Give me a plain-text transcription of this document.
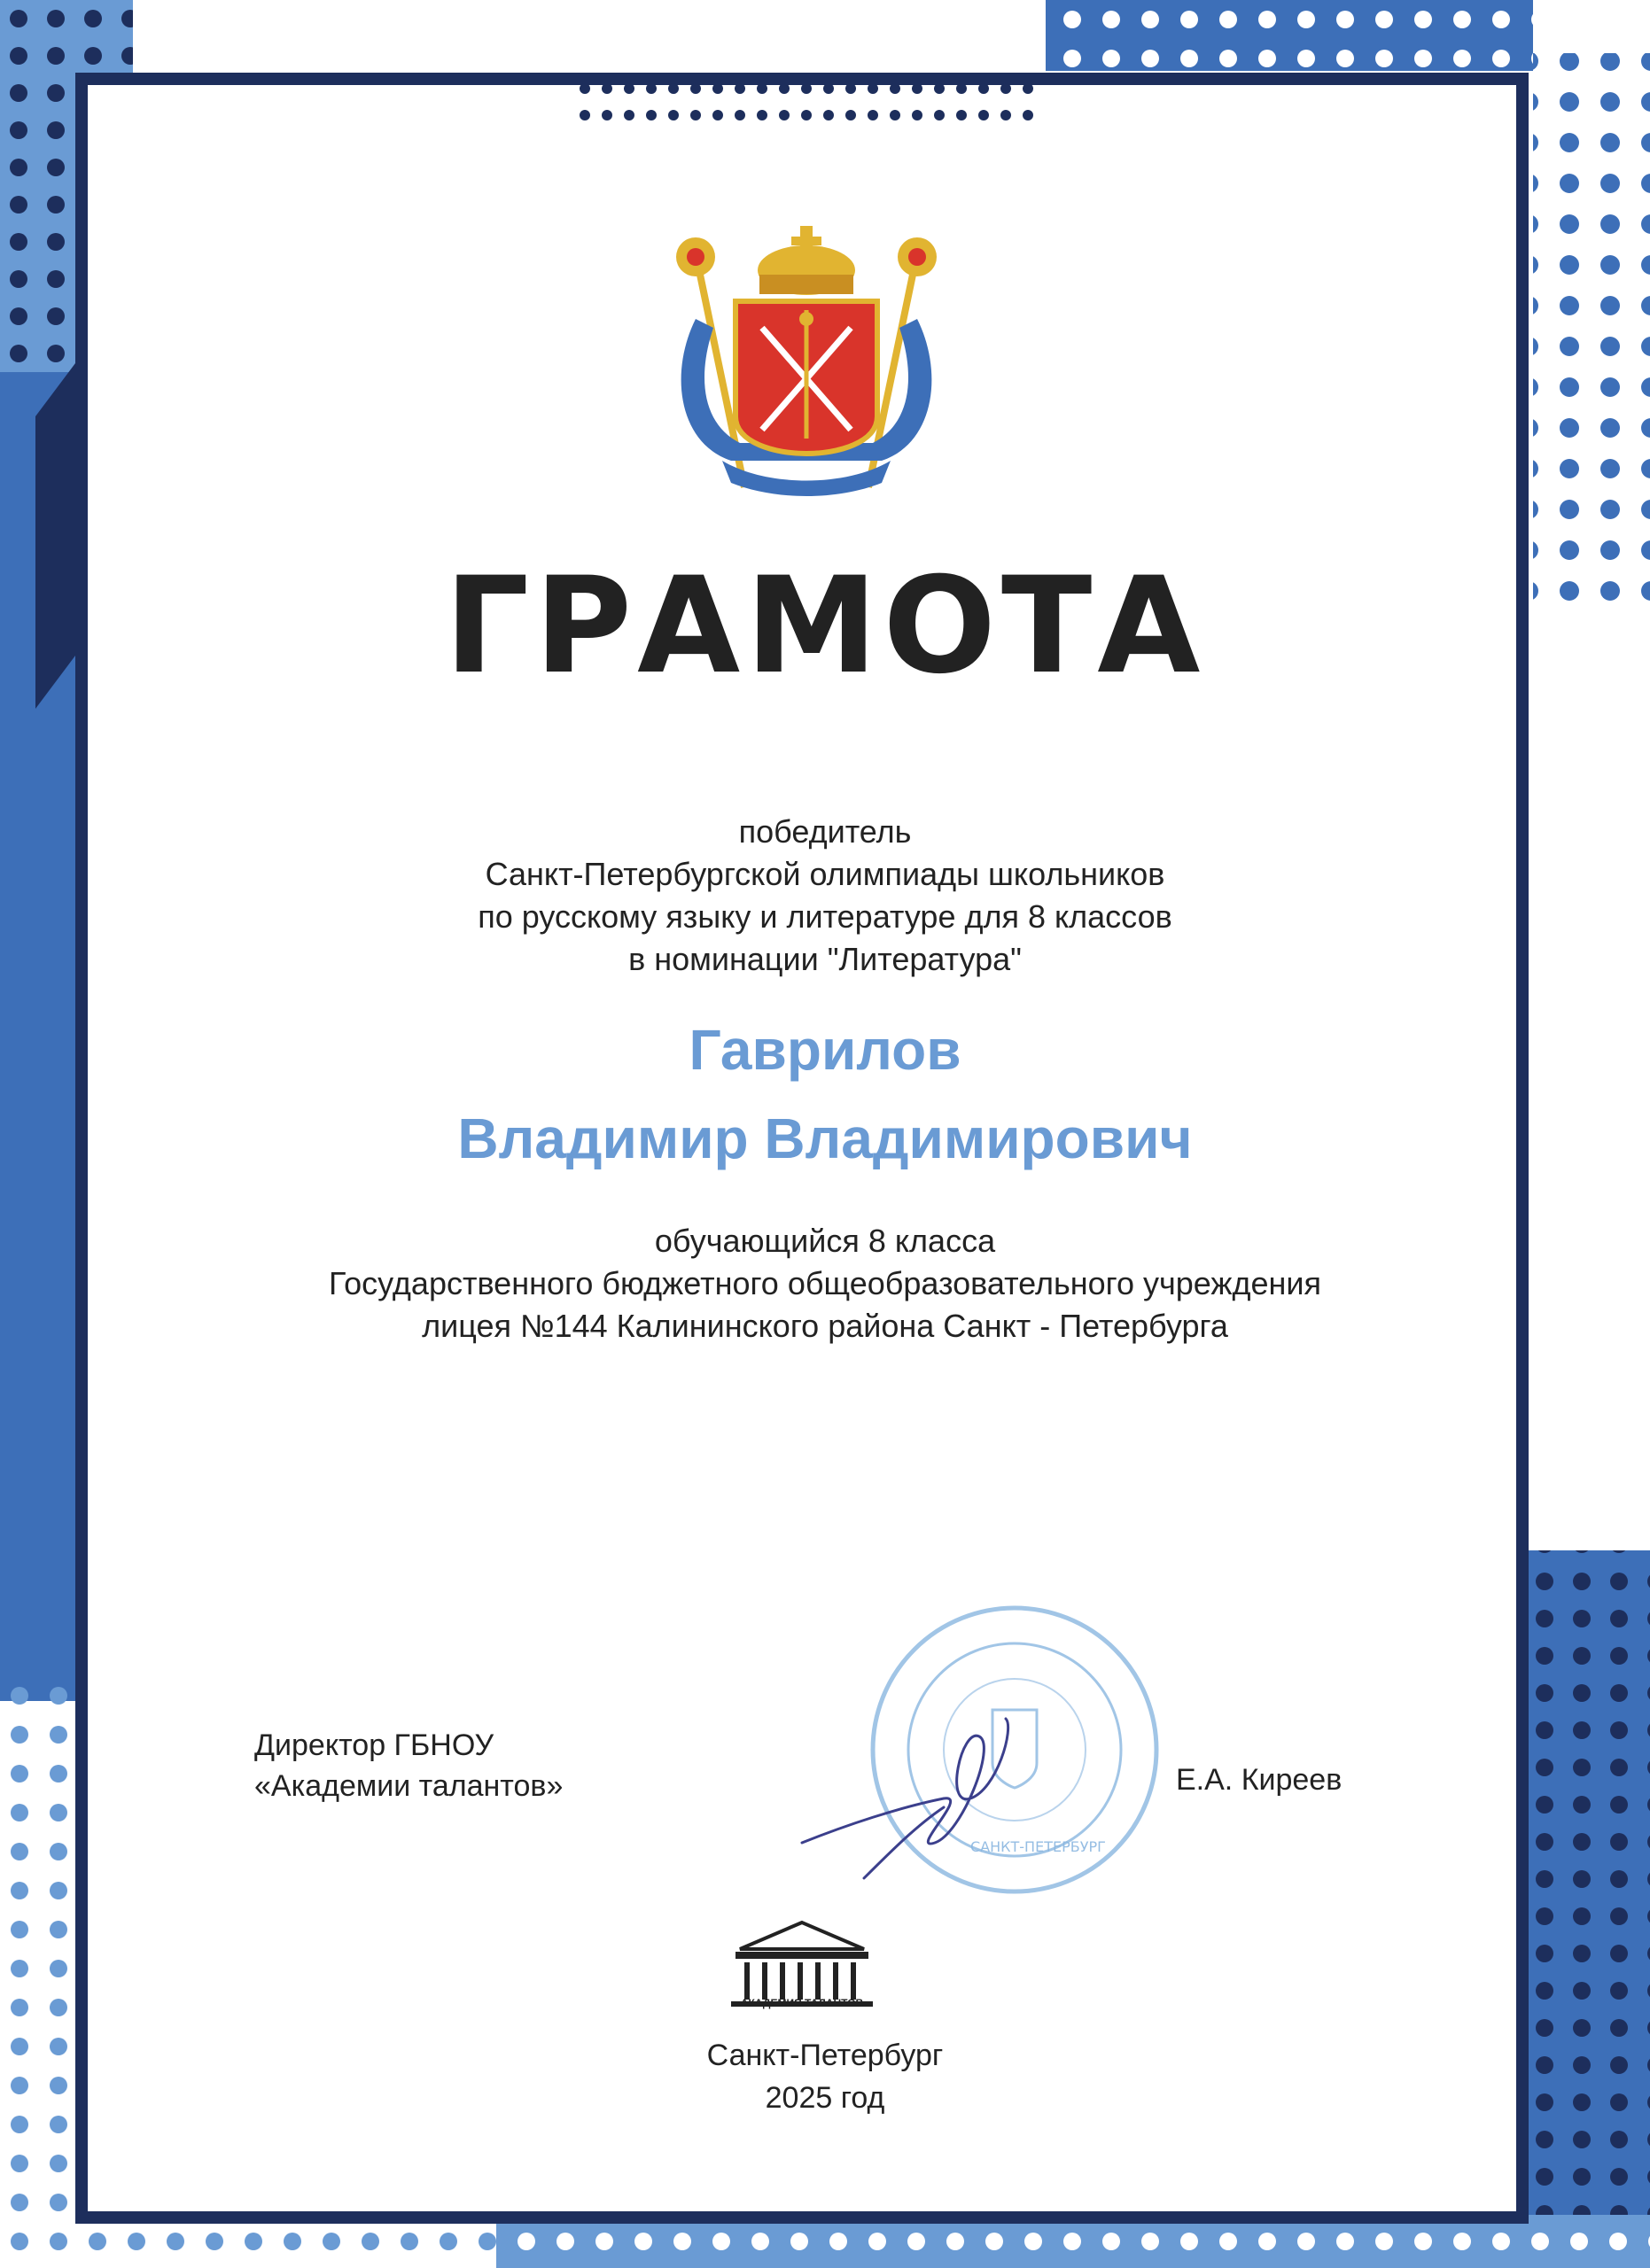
ГРАМОТА
победитель
Санкт-Петербургской олимпиады школьников
по русскому языку и литературе для 8 классов
в номинации "Литература"
Гаврилов
Владимир Владимирович
обучающийся 8 класса
Государственного бюджетного общеобразовательного учреждения
лицея №144 Калининского района Санкт - Петербурга
Директор ГБНОУ
«Академии талантов»
САНКТ-ПЕТЕРБУРГ
Е.А. Киреев
АКАДЕМИЯ ТАЛАНТОВ
Санкт-Петербург
2025 год
